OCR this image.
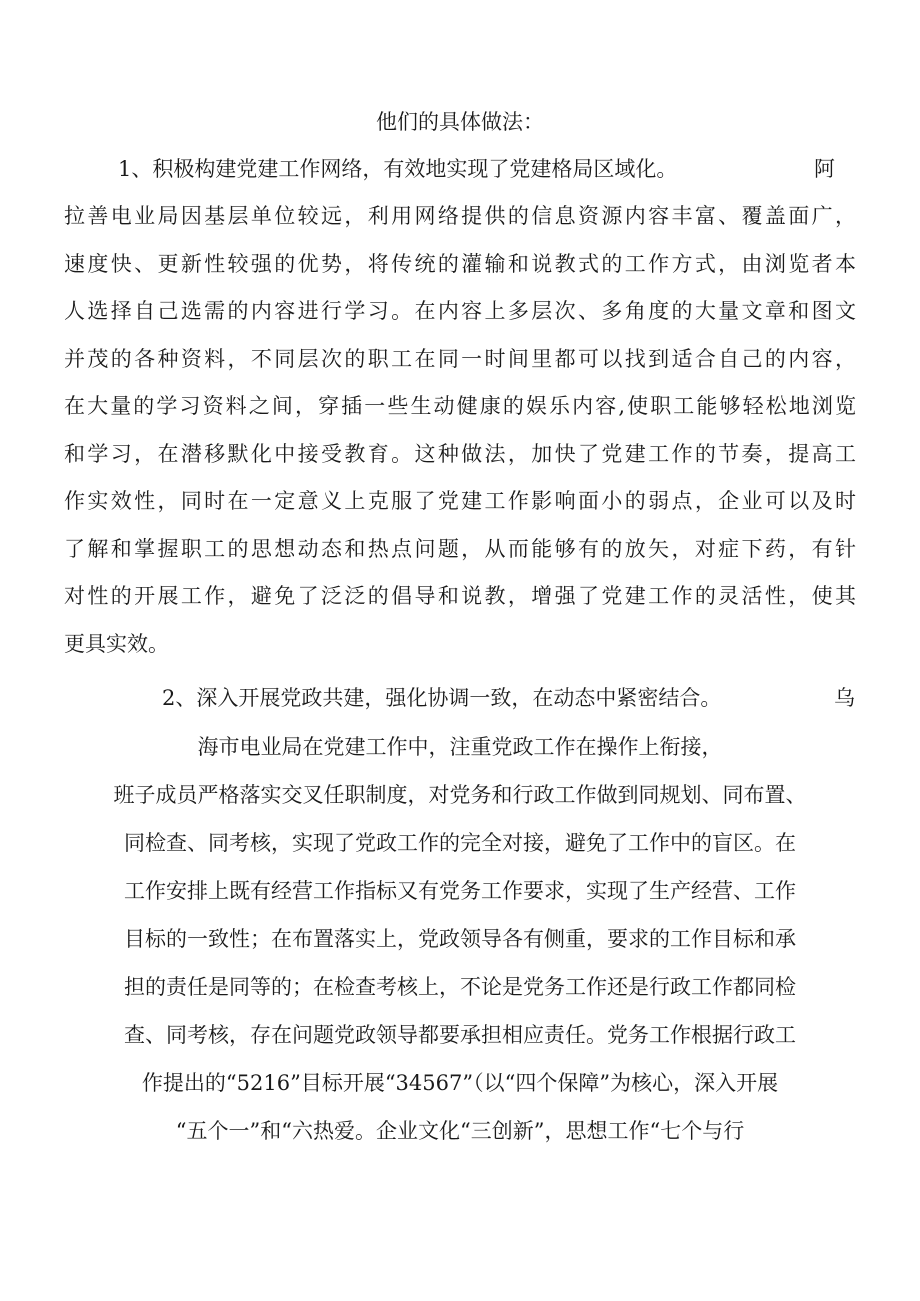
他们的具体做法：

1、积极构建党建工作网络，有效地实现了党建格局区域化。	阿

拉善电业局因基层单位较远，利用网络提供的信息资源内容丰富、覆盖面广，

速度快、更新性较强的优势，将传统的灌输和说教式的工作方式，由浏览者本

人选择自己选需的内容进行学习。在内容上多层次、多角度的大量文章和图文

并茂的各种资料，不同层次的职工在同一时间里都可以找到适合自己的内容，

在大量的学习资料之间，穿插一些生动健康的娱乐内容,使职工能够轻松地浏览

和学习，在潜移默化中接受教育。这种做法，加快了党建工作的节奏，提高工

作实效性，同时在一定意义上克服了党建工作影响面小的弱点，企业可以及时

了解和掌握职工的思想动态和热点问题，从而能够有的放矢，对症下药，有针

对性的开展工作，避免了泛泛的倡导和说教，增强了党建工作的灵活性，使其

更具实效。

2、深入开展党政共建，强化协调一致，在动态中紧密结合。	乌

海市电业局在党建工作中，注重党政工作在操作上衔接，

班子成员严格落实交叉任职制度，对党务和行政工作做到同规划、同布置、

同检查、同考核，实现了党政工作的完全对接，避免了工作中的盲区。在

工作安排上既有经营工作指标又有党务工作要求，实现了生产经营、工作

目标的一致性；在布置落实上，党政领导各有侧重，要求的工作目标和承

担的责任是同等的；在检查考核上，不论是党务工作还是行政工作都同检

查、同考核，存在问题党政领导都要承担相应责任。党务工作根据行政工

作提出的“5216”目标开展“34567”（以“四个保障”为核心，深入开展

“五个一”和“六热爱。企业文化“三创新”，思想工作“七个与行
